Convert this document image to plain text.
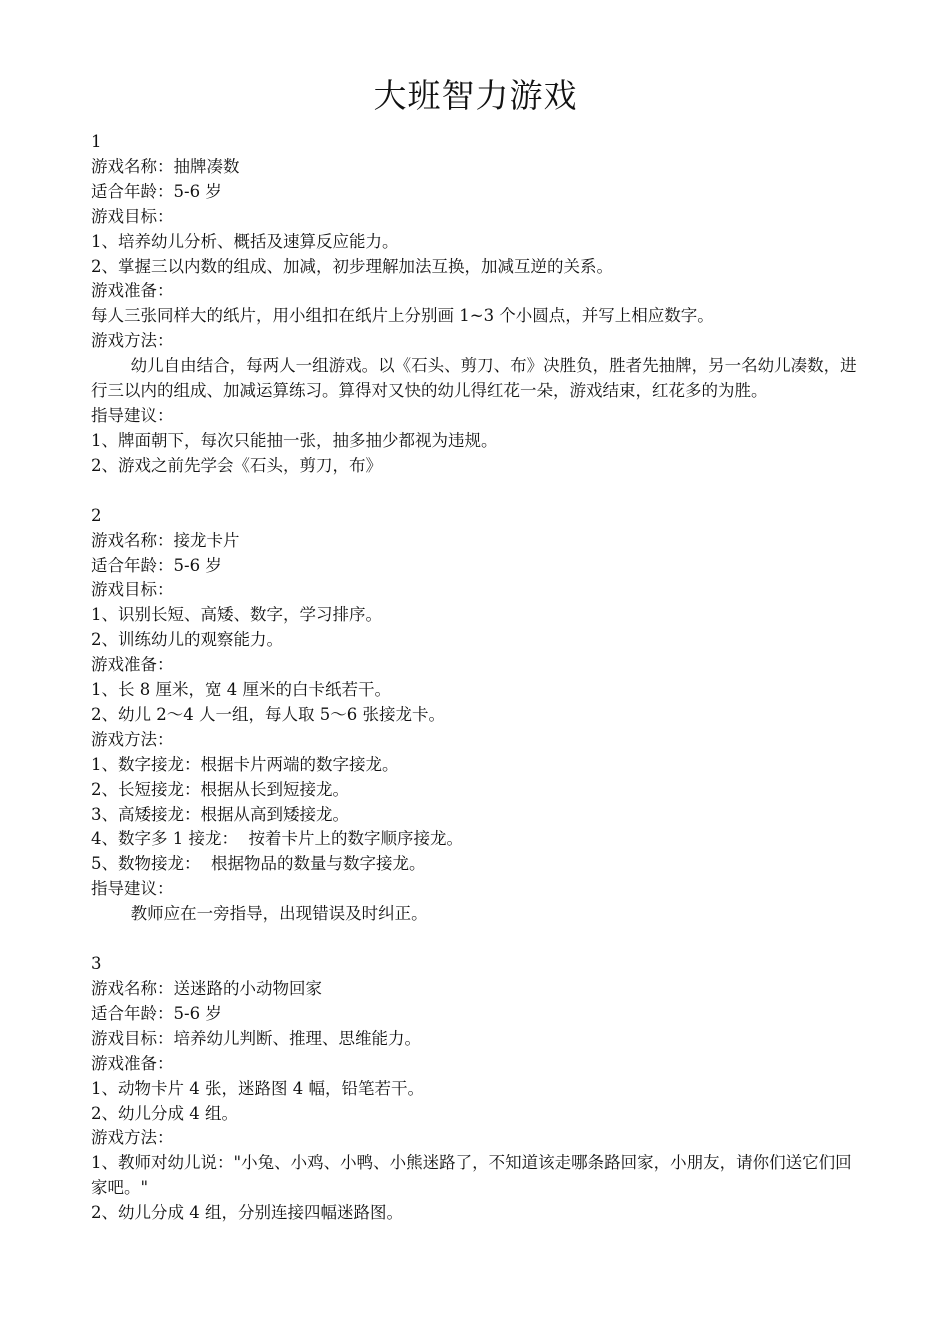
大班智力游戏

1

游戏名称：抽牌凑数

适合年龄：5-6 岁

游戏目标：

1、培养幼儿分析、概括及速算反应能力。

2、掌握三以内数的组成、加减，初步理解加法互换，加减互逆的关系。

游戏准备：

每人三张同样大的纸片，用小组扣在纸片上分别画 1~3 个小圆点，并写上相应数字。

游戏方法：

幼儿自由结合，每两人一组游戏。以《石头、剪刀、布》决胜负，胜者先抽牌，另一名幼儿凑数，进行三以内的组成、加减运算练习。算得对又快的幼儿得红花一朵，游戏结束，红花多的为胜。

指导建议：

1、牌面朝下，每次只能抽一张，抽多抽少都视为违规。

2、游戏之前先学会《石头，剪刀，布》

2

游戏名称：接龙卡片

适合年龄：5-6 岁

游戏目标：

1、识别长短、高矮、数字，学习排序。

2、训练幼儿的观察能力。

游戏准备：

1、长 8 厘米，宽 4 厘米的白卡纸若干。

2、幼儿 2～4 人一组，每人取 5～6 张接龙卡。

游戏方法：

1、数字接龙：根据卡片两端的数字接龙。

2、长短接龙：根据从长到短接龙。

3、高矮接龙：根据从高到矮接龙。

4、数字多 1 接龙：  按着卡片上的数字顺序接龙。

5、数物接龙：  根据物品的数量与数字接龙。

指导建议：

教师应在一旁指导，出现错误及时纠正。

3

游戏名称：送迷路的小动物回家

适合年龄：5-6 岁

游戏目标：培养幼儿判断、推理、思维能力。

游戏准备：

1、动物卡片 4 张，迷路图 4 幅，铅笔若干。

2、幼儿分成 4 组。

游戏方法：

1、教师对幼儿说："小兔、小鸡、小鸭、小熊迷路了，不知道该走哪条路回家，小朋友，请你们送它们回家吧。"

2、幼儿分成 4 组，分别连接四幅迷路图。
